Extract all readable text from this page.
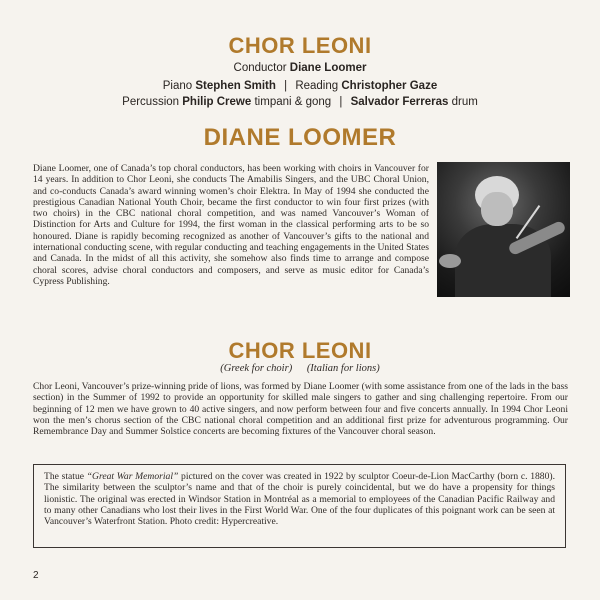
CHOR LEONI
Conductor Diane Loomer
Piano Stephen Smith | Reading Christopher Gaze
Percussion Philip Crewe timpani & gong | Salvador Ferreras drum
DIANE LOOMER
Diane Loomer, one of Canada’s top choral conductors, has been working with choirs in Vancouver for 14 years. In addition to Chor Leoni, she conducts The Amabilis Singers, and the UBC Choral Union, and co-conducts Canada’s award winning women’s choir Elektra. In May of 1994 she conducted the prestigious Canadian National Youth Choir, became the first conductor to win four first prizes (with two choirs) in the CBC national choral competition, and was named Vancouver’s Woman of Distinction for Arts and Culture for 1994, the first woman in the classical performing arts to be so honoured. Diane is rapidly becoming recognized as another of Vancouver’s gifts to the national and international conducting scene, with regular conducting and teaching engagements in the United States and Canada. In the midst of all this activity, she somehow also finds time to arrange and compose choral scores, advise choral conductors and composers, and serve as music editor for Canada’s Cypress Publishing.
CHOR LEONI
(Greek for choir) (Italian for lions)
Chor Leoni, Vancouver’s prize-winning pride of lions, was formed by Diane Loomer (with some assistance from one of the lads in the bass section) in the Summer of 1992 to provide an opportunity for skilled male singers to gather and sing challenging repertoire. From our beginning of 12 men we have grown to 40 active singers, and now perform between four and five concerts annually. In 1994 Chor Leoni won the men’s chorus section of the CBC national choral competition and an additional first prize for adventurous programming. Our Remembrance Day and Summer Solstice concerts are becoming fixtures of the Vancouver choral season.
The statue “Great War Memorial” pictured on the cover was created in 1922 by sculptor Coeur-de-Lion MacCarthy (born c. 1880). The similarity between the sculptor’s name and that of the choir is purely coincidental, but we do have a propensity for things lionistic. The original was erected in Windsor Station in Montréal as a memorial to employees of the Canadian Pacific Railway and to many other Canadians who lost their lives in the First World War. One of the four duplicates of this poignant work can be seen at Vancouver’s Waterfront Station. Photo credit: Hypercreative.
2
